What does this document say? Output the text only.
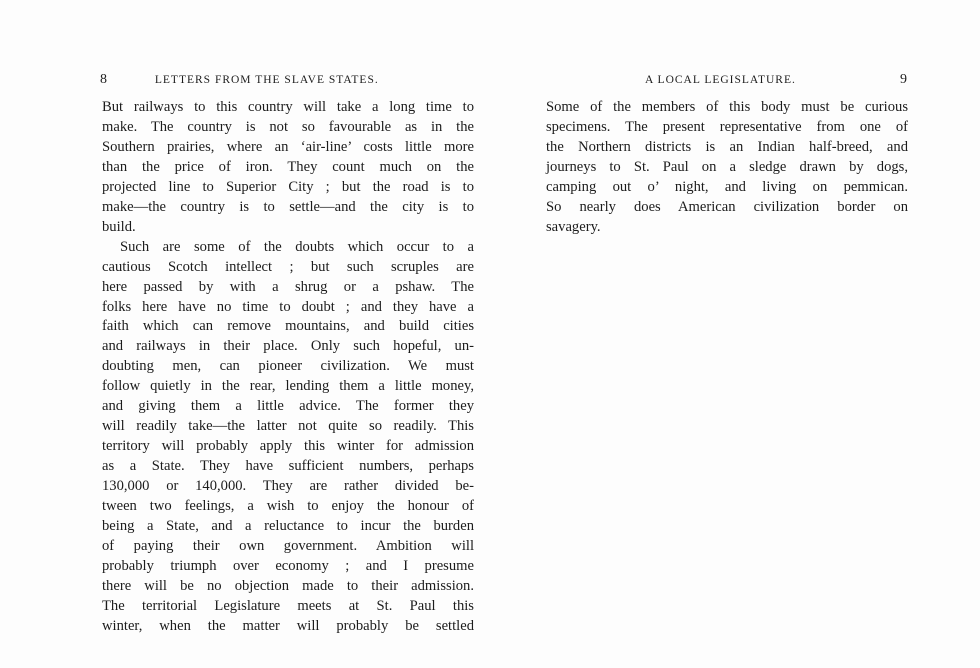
8	LETTERS FROM THE SLAVE STATES.
But railways to this country will take a long time to
make. The country is not so favourable as in the
Southern prairies, where an ‘air-line’ costs little more
than the price of iron. They count much on the
projected line to Superior City ; but the road is to
make—the country is to settle—and the city is to
build.
Such are some of the doubts which occur to a
cautious Scotch intellect ; but such scruples are
here passed by with a shrug or a pshaw. The
folks here have no time to doubt ; and they have a
faith which can remove mountains, and build cities
and railways in their place. Only such hopeful, un-
doubting men, can pioneer civilization. We must
follow quietly in the rear, lending them a little money,
and giving them a little advice. The former they
will readily take—the latter not quite so readily. This
territory will probably apply this winter for admission
as a State. They have sufficient numbers, perhaps
130,000 or 140,000. They are rather divided be-
tween two feelings, a wish to enjoy the honour of
being a State, and a reluctance to incur the burden
of paying their own government. Ambition will
probably triumph over economy ; and I presume
there will be no objection made to their admission.
The territorial Legislature meets at St. Paul this
winter, when the matter will probably be settled
A LOCAL LEGISLATURE.	9
Some of the members of this body must be curious
specimens. The present representative from one of
the Northern districts is an Indian half-breed, and
journeys to St. Paul on a sledge drawn by dogs,
camping out o’ night, and living on pemmican.
So nearly does American civilization border on
savagery.
